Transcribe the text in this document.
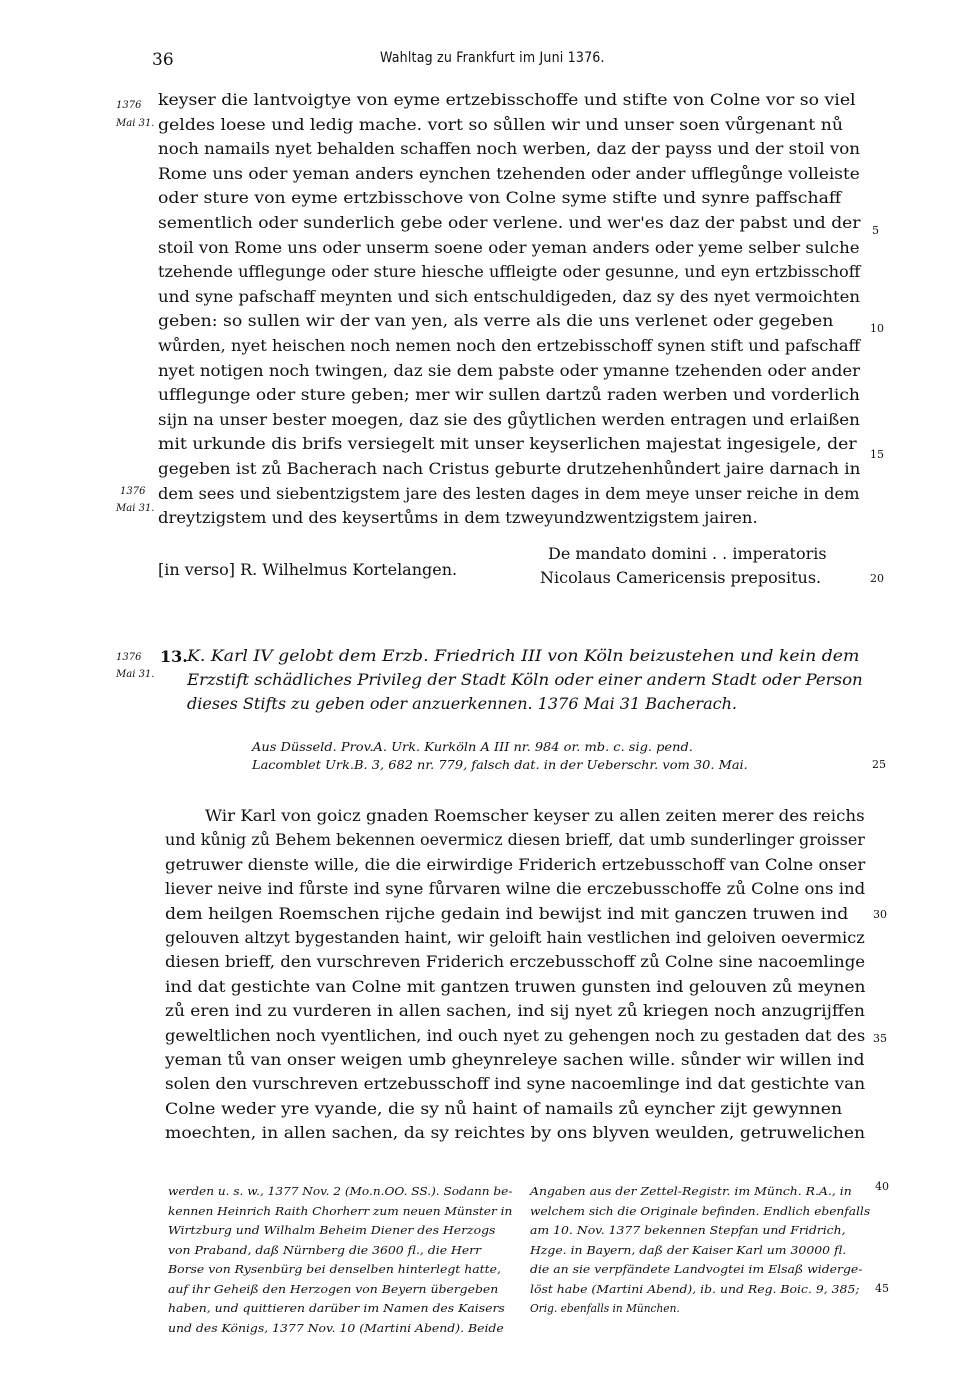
36	Wahltag zu Frankfurt im Juni 1376.
1376
Mai 31.
keyser die lantvoigtye von eyme ertzebisschoffe und stifte von Colne vor so viel
geldes loese und ledig mache. vort so sůllen wir und unser soen vůrgenant nů
noch namails nyet behalden schaffen noch werben, daz der payss und der stoil von
Rome uns oder yeman anders eynchen tzehenden oder ander ufflegůnge volleiste
oder sture von eyme ertzbisschove von Colne syme stifte und synre paffschaff
sementlich oder sunderlich gebe oder verlene. und wer'es daz der pabst und der
stoil von Rome uns oder unserm soene oder yeman anders oder yeme selber sulche
tzehende ufflegunge oder sture hiesche uffleigte oder gesunne, und eyn ertzbisschoff
und syne pafschaff meynten und sich entschuldigeden, daz sy des nyet vermoichten
geben: so sullen wir der van yen, als verre als die uns verlenet oder gegeben
wůrden, nyet heischen noch nemen noch den ertzebisschoff synen stift und pafschaff
nyet notigen noch twingen, daz sie dem pabste oder ymanne tzehenden oder ander
ufflegunge oder sture geben; mer wir sullen dartzů raden werben und vorderlich
sijn na unser bester moegen, daz sie des gůytlichen werden entragen und erlaißen
mit urkunde dis brifs versiegelt mit unser keyserlichen majestat ingesigele, der
gegeben ist zů Bacherach nach Cristus geburte drutzehenhůndert jaire darnach in
dem sees und siebentzigstem jare des lesten dages in dem meye unser reiche in dem
dreytzigstem und des keysertůms in dem tzweyundzwentzigstem jairen.
5
10
15
20
1376
Mai 31.
[in verso] R. Wilhelmus Kortelangen.
De mandato domini . . imperatoris
Nicolaus Camericensis prepositus.
1376
Mai 31.
13. K. Karl IV gelobt dem Erzb. Friedrich III von Köln beizustehen und kein dem
Erzstift schädliches Privileg der Stadt Köln oder einer andern Stadt oder Person
dieses Stifts zu geben oder anzuerkennen. 1376 Mai 31 Bacherach.
Aus Düsseld. Prov.A. Urk. Kurköln A III nr. 984 or. mb. c. sig. pend.
Lacomblet Urk.B. 3, 682 nr. 779, falsch dat. in der Ueberschr. vom 30. Mai.	25
Wir Karl von goicz gnaden Roemscher keyser zu allen zeiten merer des reichs
und kůnig zů Behem bekennen oevermicz diesen brieff, dat umb sunderlinger groisser
getruwer dienste wille, die die eirwirdige Friderich ertzebusschoff van Colne onser
liever neive ind fůrste ind syne fůrvaren wilne die erczebusschoffe zů Colne ons ind
dem heilgen Roemschen rijche gedain ind bewijst ind mit ganczen truwen ind
gelouven altzyt bygestanden haint, wir geloift hain vestlichen ind geloiven oevermicz
diesen brieff, den vurschreven Friderich erczebusschoff zů Colne sine nacoemlinge
ind dat gestichte van Colne mit gantzen truwen gunsten ind gelouven zů meynen
zů eren ind zu vurderen in allen sachen, ind sij nyet zů kriegen noch anzugrijffen
geweltlichen noch vyentlichen, ind ouch nyet zu gehengen noch zu gestaden dat des
yeman tů van onser weigen umb gheynreleye sachen wille. sůnder wir willen ind
solen den vurschreven ertzebusschoff ind syne nacoemlinge ind dat gestichte van
Colne weder yre vyande, die sy nů haint of namails zů eyncher zijt gewynnen
moechten, in allen sachen, da sy reichtes by ons blyven weulden, getruwelichen
30
35
werden u. s. w., 1377 Nov. 2 (Mo.n.OO. SS.). Sodann be-
kennen Heinrich Raith Chorherr zum neuen Münster in
Wirtzburg und Wilhalm Beheim Diener des Herzogs
von Praband, daß Nürnberg die 3600 fl., die Herr
Borse von Rysenbürg bei denselben hinterlegt hatte,
auf ihr Geheiß den Herzogen von Beyern übergeben
haben, und quittieren darüber im Namen des Kaisers
und des Königs, 1377 Nov. 10 (Martini Abend). Beide
Angaben aus der Zettel-Registr. im Münch. R.A., in
welchem sich die Originale befinden. Endlich ebenfalls
am 10. Nov. 1377 bekennen Stepfan und Fridrich,
Hzge. in Bayern, daß der Kaiser Karl um 30000 fl.
die an sie verpfändete Landvogtei im Elsaß widerge-
löst habe (Martini Abend), ib. und Reg. Boic. 9, 385;
Orig. ebenfalls in München.
40
45
